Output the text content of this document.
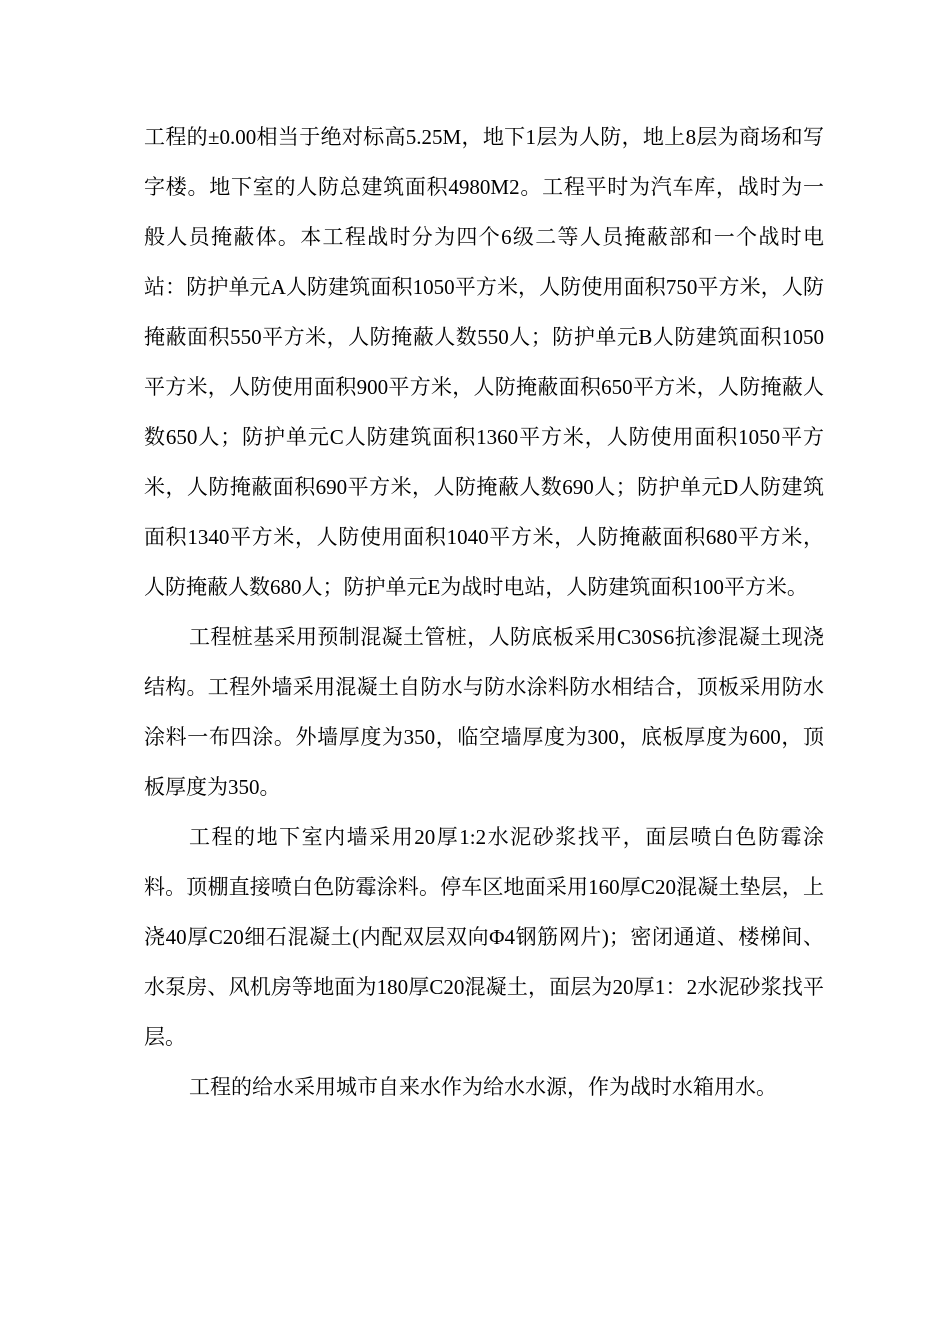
工程的±0.00相当于绝对标高5.25M，地下1层为人防，地上8层为商场和写字楼。地下室的人防总建筑面积4980M2。工程平时为汽车库，战时为一般人员掩蔽体。本工程战时分为四个6级二等人员掩蔽部和一个战时电站：防护单元A人防建筑面积1050平方米，人防使用面积750平方米，人防掩蔽面积550平方米，人防掩蔽人数550人；防护单元B人防建筑面积1050平方米，人防使用面积900平方米，人防掩蔽面积650平方米，人防掩蔽人数650人；防护单元C人防建筑面积1360平方米，人防使用面积1050平方米，人防掩蔽面积690平方米，人防掩蔽人数690人；防护单元D人防建筑面积1340平方米，人防使用面积1040平方米，人防掩蔽面积680平方米，人防掩蔽人数680人；防护单元E为战时电站，人防建筑面积100平方米。

工程桩基采用预制混凝土管桩，人防底板采用C30S6抗渗混凝土现浇结构。工程外墙采用混凝土自防水与防水涂料防水相结合，顶板采用防水涂料一布四涂。外墙厚度为350，临空墙厚度为300，底板厚度为600，顶板厚度为350。

工程的地下室内墙采用20厚1:2水泥砂浆找平，面层喷白色防霉涂料。顶棚直接喷白色防霉涂料。停车区地面采用160厚C20混凝土垫层，上浇40厚C20细石混凝土(内配双层双向Φ4钢筋网片)；密闭通道、楼梯间、水泵房、风机房等地面为180厚C20混凝土，面层为20厚1：2水泥砂浆找平层。

工程的给水采用城市自来水作为给水水源，作为战时水箱用水。
